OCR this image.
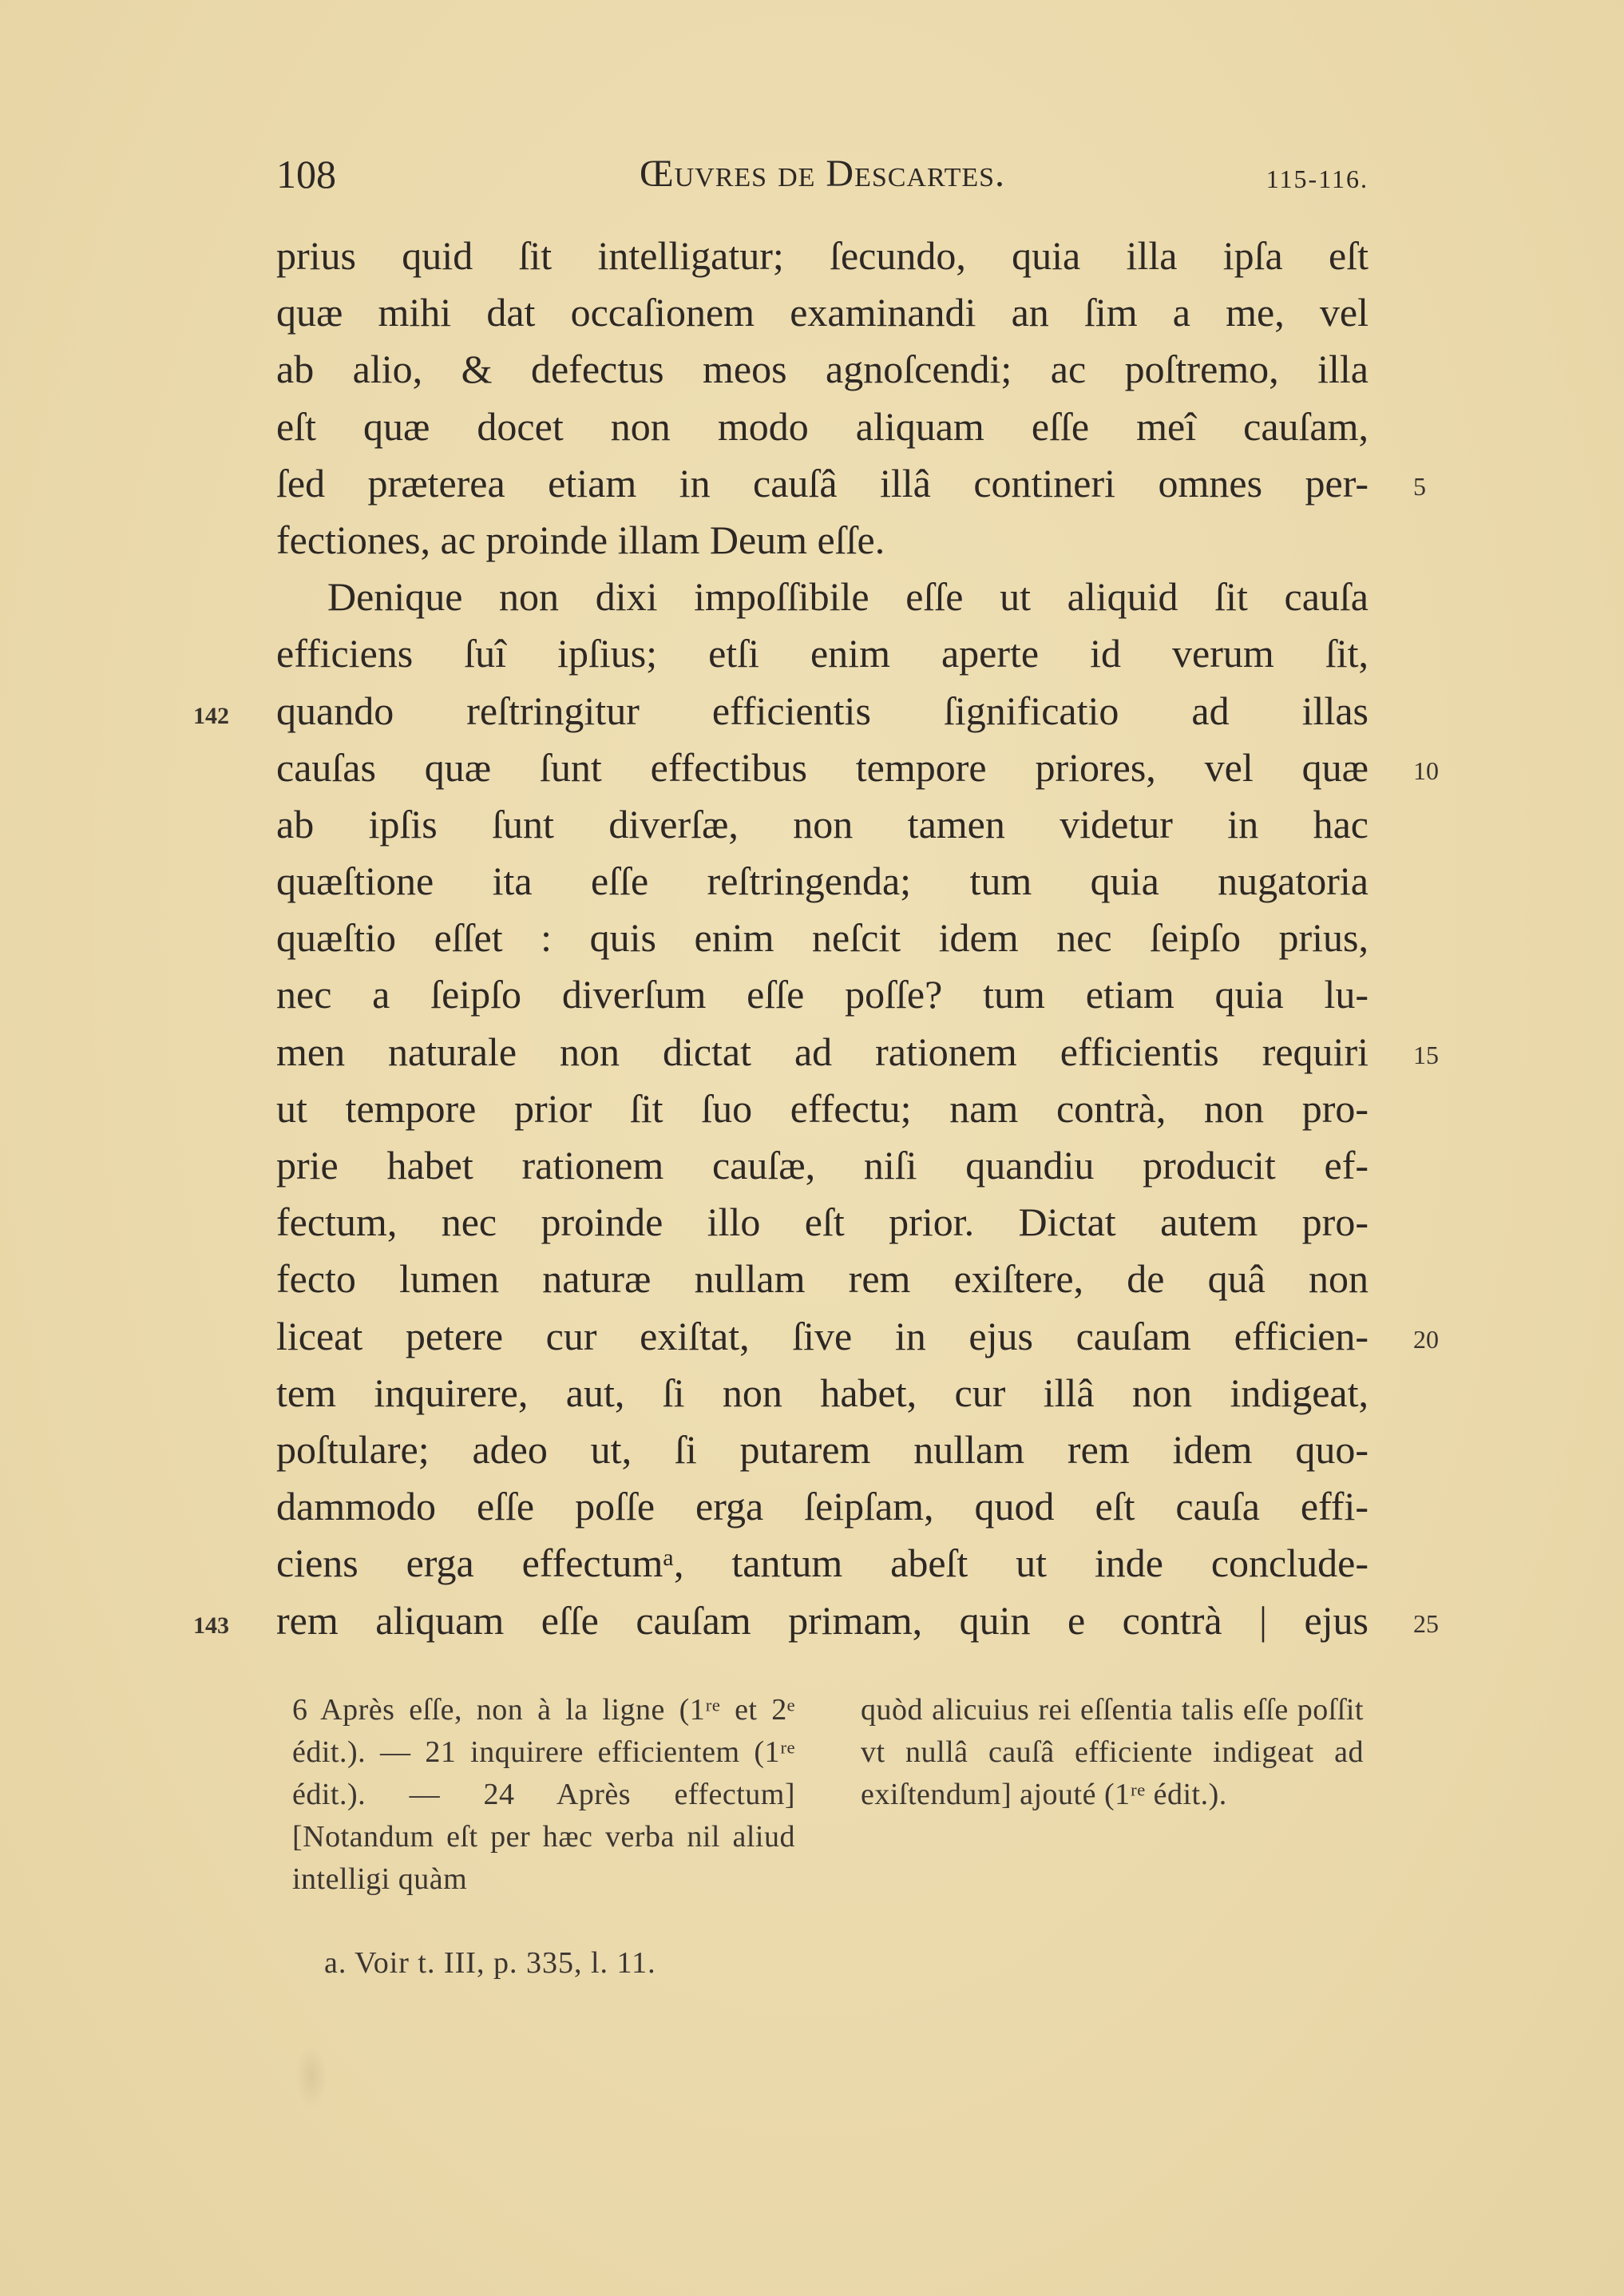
108	Œuvres de Descartes.	115-116.
prius quid ſit intelligatur; ſecundo, quia illa ipſa eſt
quæ mihi dat occaſionem examinandi an ſim a me, vel
ab alio, & defectus meos agnoſcendi; ac poſtremo, illa
eſt quæ docet non modo aliquam eſſe meî cauſam,
ſed præterea etiam in cauſâ illâ contineri omnes per- 5
fectiones, ac proinde illam Deum eſſe.
Denique non dixi impoſſibile eſſe ut aliquid ſit cauſa
efficiens ſuî ipſius; etſi enim aperte id verum ſit,
142 quando reſtringitur efficientis ſignificatio ad illas
cauſas quæ ſunt effectibus tempore priores, vel quæ 10
ab ipſis ſunt diverſæ, non tamen videtur in hac
quæſtione ita eſſe reſtringenda; tum quia nugatoria
quæſtio eſſet : quis enim neſcit idem nec ſeipſo prius,
nec a ſeipſo diverſum eſſe poſſe? tum etiam quia lu-
men naturale non dictat ad rationem efficientis requiri 15
ut tempore prior ſit ſuo effectu; nam contrà, non pro-
prie habet rationem cauſæ, niſi quandiu producit ef-
fectum, nec proinde illo eſt prior. Dictat autem pro-
fecto lumen naturæ nullam rem exiſtere, de quâ non
liceat petere cur exiſtat, ſive in ejus cauſam efficien- 20
tem inquirere, aut, ſi non habet, cur illâ non indigeat,
poſtulare; adeo ut, ſi putarem nullam rem idem quo-
dammodo eſſe poſſe erga ſeipſam, quod eſt cauſa effi-
ciens erga effectumᵃ, tantum abeſt ut inde conclude-
143 rem aliquam eſſe cauſam primam, quin e contrà | ejus 25
6 Après eſſe, non à la ligne (1ʳᵉ et 2ᵉ édit.). — 21 inquirere efficientem (1ʳᵉ édit.). — 24 Après effectum] [Notandum eſt per hæc verba nil aliud intelligi quàm
quòd alicuius rei eſſentia talis eſſe poſſit vt nullâ cauſâ efficiente indigeat ad exiſtendum] ajouté (1ʳᵉ édit.).
a. Voir t. III, p. 335, l. 11.
